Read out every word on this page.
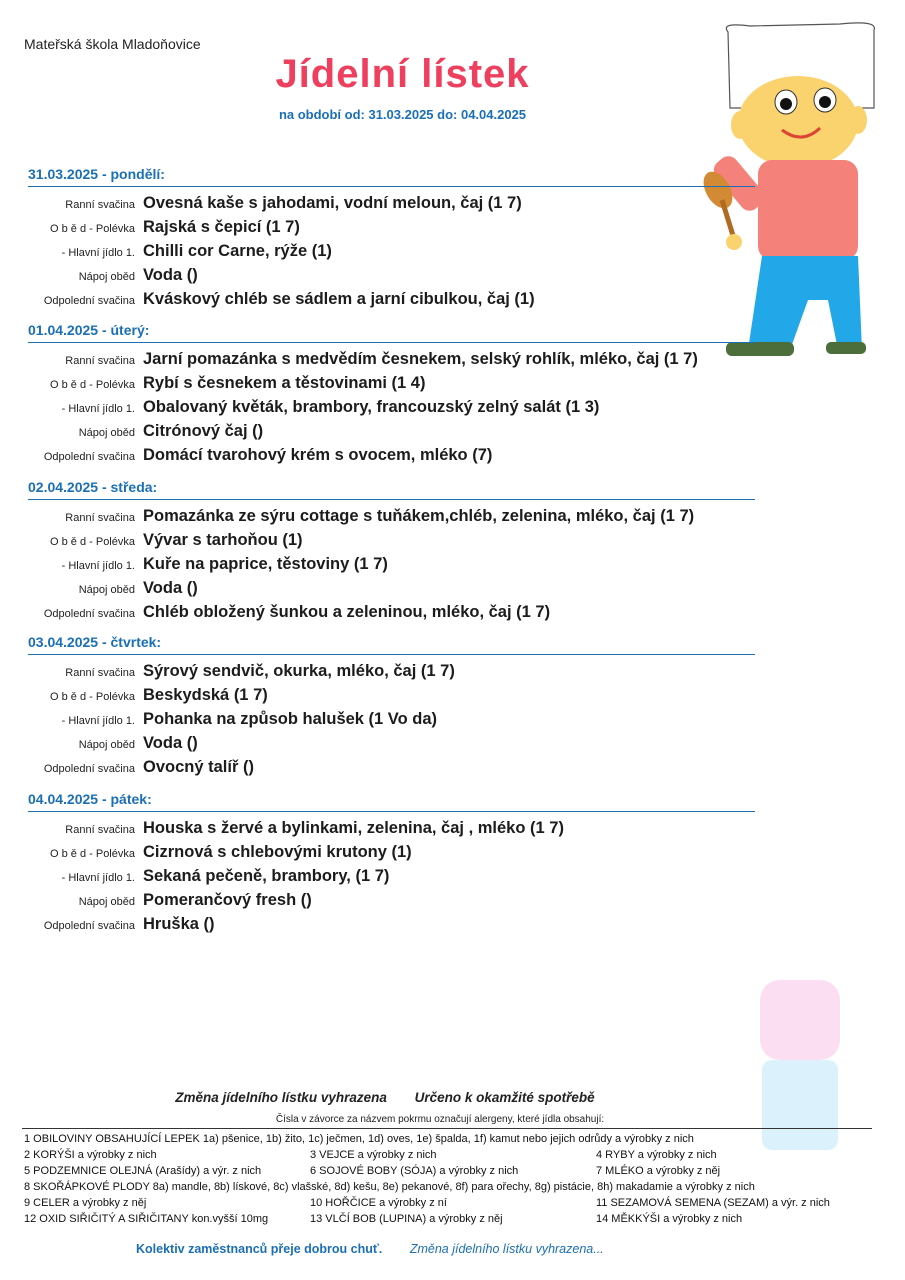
Mateřská škola Mladoňovice
Jídelní lístek
na období od: 31.03.2025 do: 04.04.2025
31.03.2025 - pondělí:
Ranní svačina Ovesná kaše s jahodami, vodní meloun, čaj (1 7)
O b ě d - Polévka Rajská s čepicí (1 7)
- Hlavní jídlo 1. Chilli cor Carne, rýže (1)
Nápoj oběd Voda ()
Odpolední svačina Kváskový chléb se sádlem a jarní cibulkou, čaj (1)
01.04.2025 - úterý:
Ranní svačina Jarní pomazánka s medvědím česnekem, selský rohlík, mléko, čaj (1 7)
O b ě d - Polévka Rybí s česnekem a těstovinami (1 4)
- Hlavní jídlo 1. Obalovaný květák, brambory, francouzský zelný salát (1 3)
Nápoj oběd Citrónový čaj ()
Odpolední svačina Domácí tvarohový krém s ovocem, mléko (7)
02.04.2025 - středa:
Ranní svačina Pomazánka ze sýru cottage s tuňákem,chléb, zelenina, mléko, čaj (1 7)
O b ě d - Polévka Vývar s tarhoňou (1)
- Hlavní jídlo 1. Kuře na paprice, těstoviny (1 7)
Nápoj oběd Voda ()
Odpolední svačina Chléb obložený šunkou a zeleninou, mléko, čaj (1 7)
03.04.2025 - čtvrtek:
Ranní svačina Sýrový sendvič, okurka, mléko, čaj (1 7)
O b ě d - Polévka Beskydská (1 7)
- Hlavní jídlo 1. Pohanka na způsob halušek (1 Vo da)
Nápoj oběd Voda ()
Odpolední svačina Ovocný talíř ()
04.04.2025 - pátek:
Ranní svačina Houska s žervé a bylinkami, zelenina, čaj , mléko (1 7)
O b ě d - Polévka Cizrnová s chlebovými krutony (1)
- Hlavní jídlo 1. Sekaná pečeně, brambory, (1 7)
Nápoj oběd Pomerančový fresh ()
Odpolední svačina Hruška ()
Změna jídelního lístku vyhrazena Určeno k okamžité spotřebě
Čísla v závorce za názvem pokrmu označují alergeny, které jídla obsahují:
1 OBILOVINY OBSAHUJÍCÍ LEPEK 1a) pšenice, 1b) žito, 1c) ječmen, 1d) oves, 1e) špalda, 1f) kamut nebo jejich odrůdy a výrobky z nich
2 KORÝŠI a výrobky z nich	3 VEJCE a výrobky z nich	4 RYBY a výrobky z nich
5 PODZEMNICE OLEJNÁ (Arašídy) a výr. z nich	6 SOJOVÉ BOBY (SÓJA) a výrobky z nich	7 MLÉKO a výrobky z něj
8 SKOŘÁPKOVÉ PLODY 8a) mandle, 8b) lískové, 8c) vlašské, 8d) kešu, 8e) pekanové, 8f) para ořechy, 8g) pistácie, 8h) makadamie a výrobky z nich
9 CELER a výrobky z něj	10 HOŘČICE a výrobky z ní	11 SEZAMOVÁ SEMENA (SEZAM) a výr. z nich
12 OXID SIŘIČITÝ A SIŘIČITANY kon.vyšší 10mg	13 VLČÍ BOB (LUPINA) a výrobky z něj	14 MĚKKÝŠI a výrobky z nich
Kolektiv zaměstnanců přeje dobrou chuť. Změna jídelního lístku vyhrazena...
